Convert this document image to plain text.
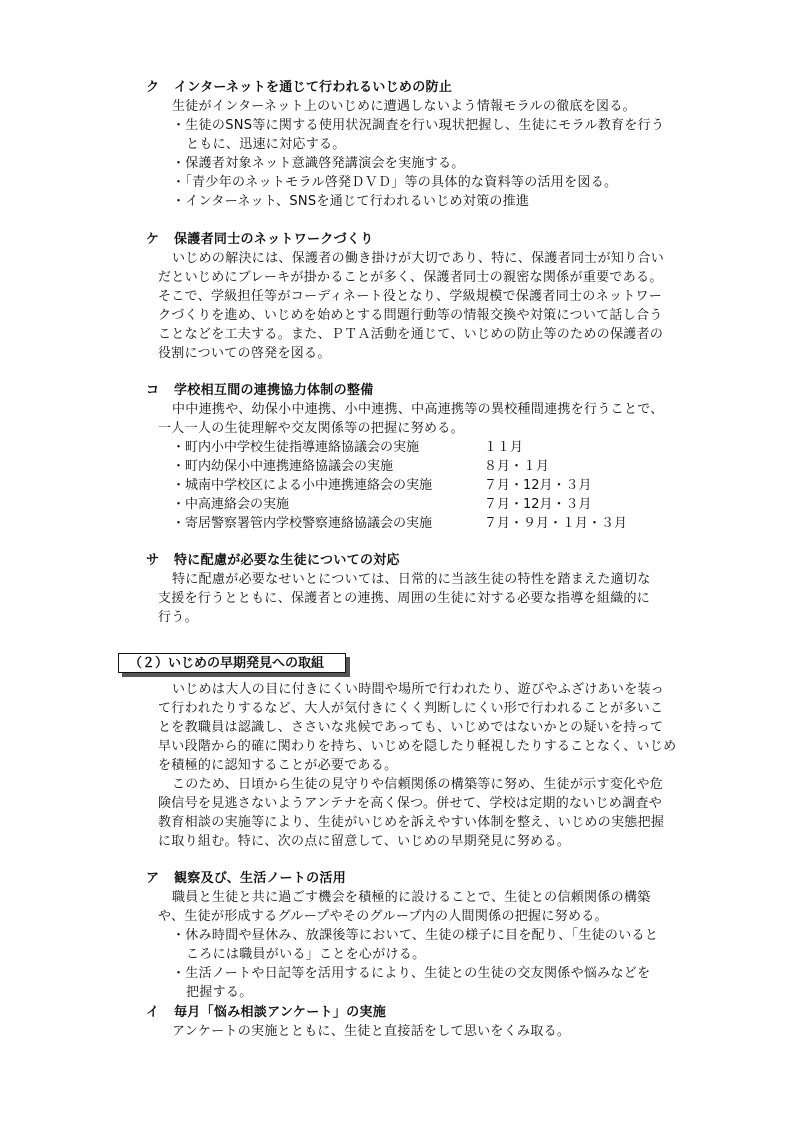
ク インターネットを通じて行われるいじめの防止
生徒がインターネット上のいじめに遭遇しないよう情報モラルの徹底を図る。
・生徒のSNS等に関する使用状況調査を行い現状把握し、生徒にモラル教育を行う
ともに、迅速に対応する。
・保護者対象ネット意識啓発講演会を実施する。
・「青少年のネットモラル啓発ＤＶＤ」等の具体的な資料等の活用を図る。
・インターネット、SNSを通じて行われるいじめ対策の推進
ケ 保護者同士のネットワークづくり
いじめの解決には、保護者の働き掛けが大切であり、特に、保護者同士が知り合い
だといじめにブレーキが掛かることが多く、保護者同士の親密な関係が重要である。
そこで、学級担任等がコーディネート役となり、学級規模で保護者同士のネットワー
クづくりを進め、いじめを始めとする問題行動等の情報交換や対策について話し合う
ことなどを工夫する。また、ＰＴＡ活動を通じて、いじめの防止等のための保護者の
役割についての啓発を図る。
コ 学校相互間の連携協力体制の整備
中中連携や、幼保小中連携、小中連携、中高連携等の異校種間連携を行うことで、
一人一人の生徒理解や交友関係等の把握に努める。
・町内小中学校生徒指導連絡協議会の実施	１１月
・町内幼保小中連携連絡協議会の実施	８月・１月
・城南中学校区による小中連携連絡会の実施	７月・12月・３月
・中高連絡会の実施	７月・12月・３月
・寄居警察署管内学校警察連絡協議会の実施	７月・９月・１月・３月
サ 特に配慮が必要な生徒についての対応
特に配慮が必要なせいとについては、日常的に当該生徒の特性を踏まえた適切な
支援を行うとともに、保護者との連携、周囲の生徒に対する必要な指導を組織的に
行う。
（２）いじめの早期発見への取組
いじめは大人の目に付きにくい時間や場所で行われたり、遊びやふざけあいを装っ
て行われたりするなど、大人が気付きにくく判断しにくい形で行われることが多いこ
とを教職員は認識し、ささいな兆候であっても、いじめではないかとの疑いを持って
早い段階から的確に関わりを持ち、いじめを隠したり軽視したりすることなく、いじめ
を積極的に認知することが必要である。
このため、日頃から生徒の見守りや信頼関係の構築等に努め、生徒が示す変化や危
険信号を見逃さないようアンテナを高く保つ。併せて、学校は定期的ないじめ調査や
教育相談の実施等により、生徒がいじめを訴えやすい体制を整え、いじめの実態把握
に取り組む。特に、次の点に留意して、いじめの早期発見に努める。
ア 観察及び、生活ノートの活用
職員と生徒と共に過ごす機会を積極的に設けることで、生徒との信頼関係の構築
や、生徒が形成するグループやそのグループ内の人間関係の把握に努める。
・休み時間や昼休み、放課後等において、生徒の様子に目を配り、「生徒のいると
ころには職員がいる」ことを心がける。
・生活ノートや日記等を活用するにより、生徒との生徒の交友関係や悩みなどを
把握する。
イ 毎月「悩み相談アンケート」の実施
アンケートの実施とともに、生徒と直接話をして思いをくみ取る。
